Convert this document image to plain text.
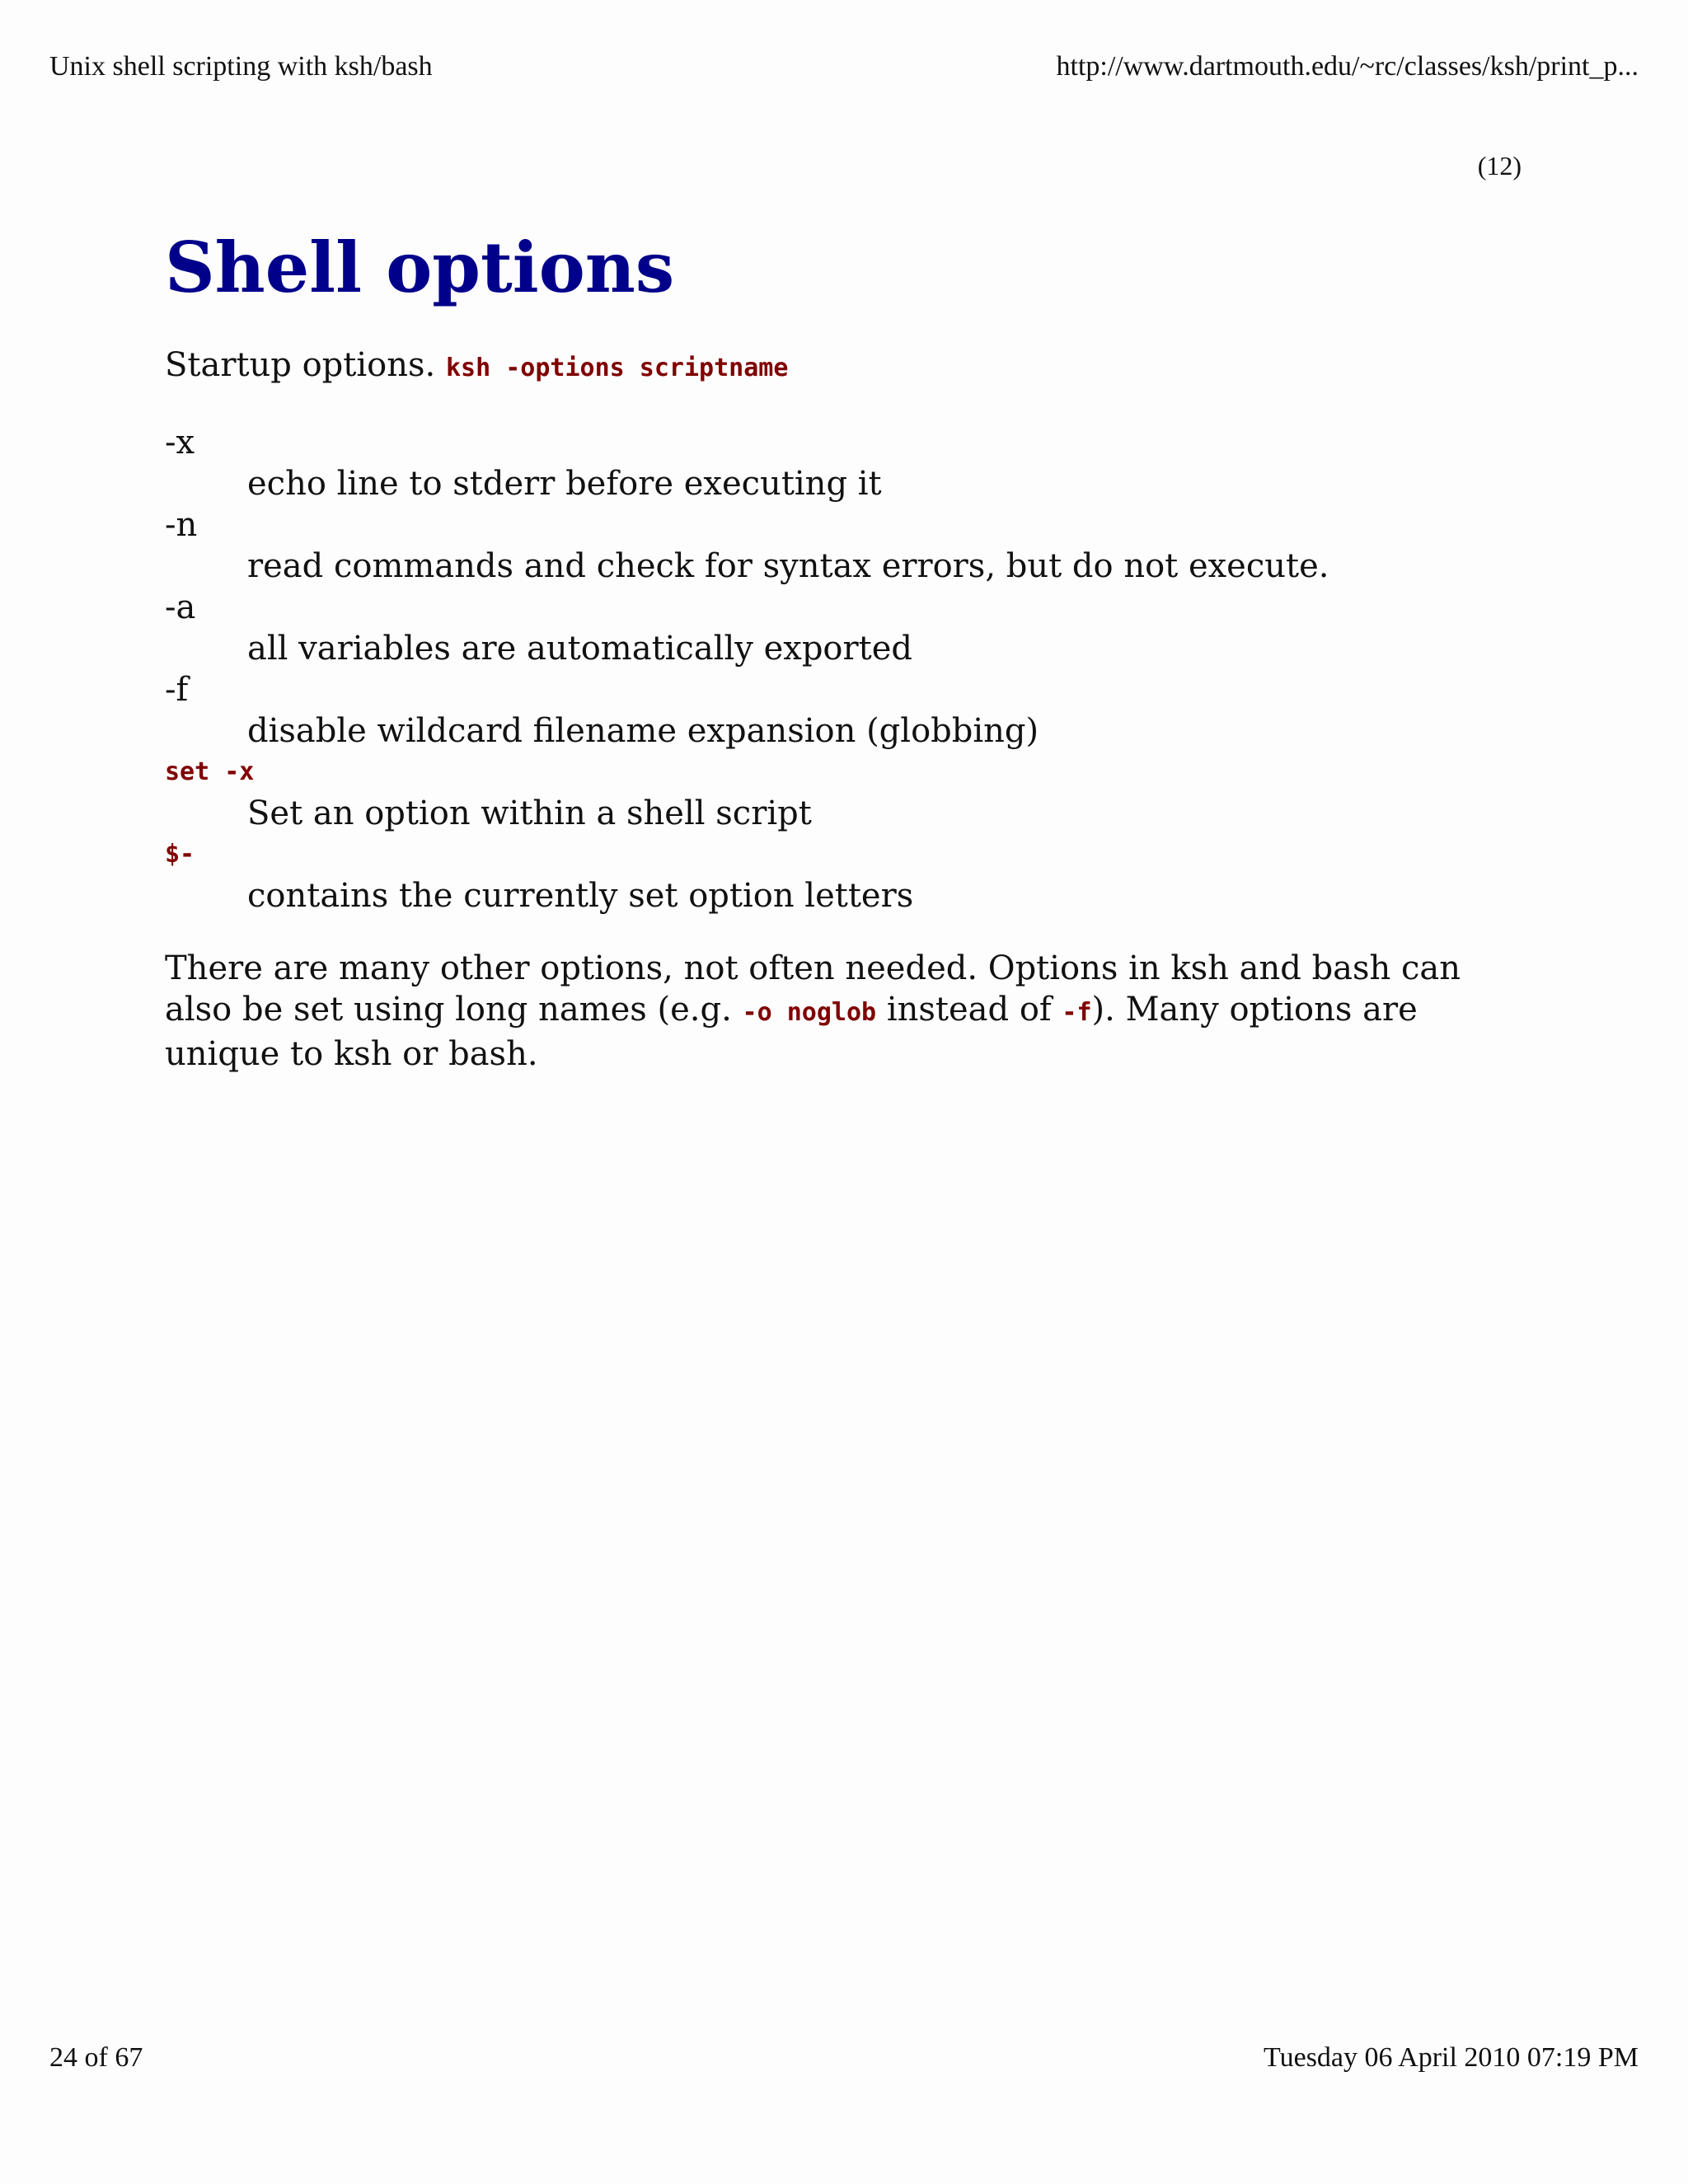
Unix shell scripting with ksh/bash	http://www.dartmouth.edu/~rc/classes/ksh/print_p...
(12)
Shell options
Startup options. ksh -options scriptname
-x
echo line to stderr before executing it
-n
read commands and check for syntax errors, but do not execute.
-a
all variables are automatically exported
-f
disable wildcard filename expansion (globbing)
set -x
Set an option within a shell script
$-
contains the currently set option letters
There are many other options, not often needed. Options in ksh and bash can also be set using long names (e.g. -o noglob instead of -f). Many options are unique to ksh or bash.
24 of 67	Tuesday 06 April 2010 07:19 PM
